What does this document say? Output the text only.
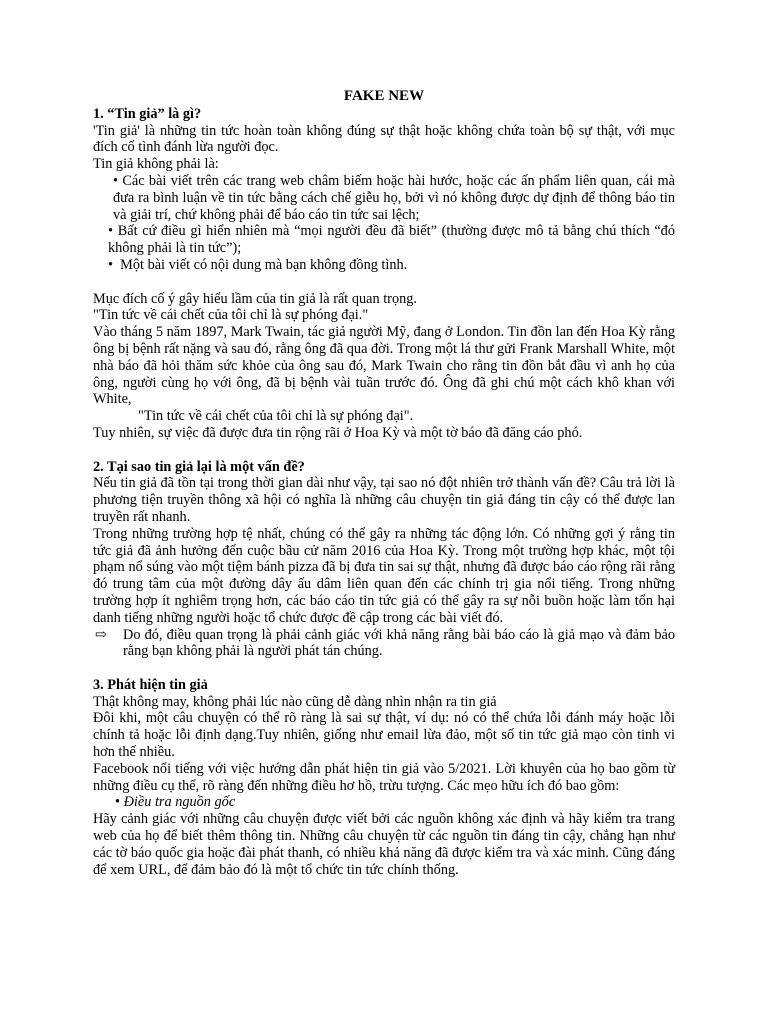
FAKE NEW
1. “Tin giả” là gì?

'Tin giả' là những tin tức hoàn toàn không đúng sự thật hoặc không chứa toàn bộ sự thật, với mục đích cố tình đánh lừa người đọc.

Tin giả không phải là:

• Các bài viết trên các trang web châm biếm hoặc hài hước, hoặc các ấn phẩm liên quan, cái mà đưa ra bình luận về tin tức bằng cách chế giễu họ, bởi vì nó không được dự định để thông báo tin và giải trí, chứ không phải để báo cáo tin tức sai lệch;

• Bất cứ điều gì hiển nhiên mà “mọi người đều đã biết” (thường được mô tả bằng chú thích “đó không phải là tin tức”);

•  Một bài viết có nội dung mà bạn không đồng tình.

Mục đích cố ý gây hiểu lầm của tin giả là rất quan trọng.

"Tin tức về cái chết của tôi chỉ là sự phóng đại."

Vào tháng 5 năm 1897, Mark Twain, tác giả người Mỹ, đang ở London. Tin đồn lan đến Hoa Kỳ rằng ông bị bệnh rất nặng và sau đó, rằng ông đã qua đời. Trong một lá thư gửi Frank Marshall White, một nhà báo đã hỏi thăm sức khỏe của ông sau đó, Mark Twain cho rằng tin đồn bắt đầu vì anh họ của ông, người cùng họ với ông, đã bị bệnh vài tuần trước đó. Ông đã ghi chú một cách khô khan với White,

"Tin tức về cái chết của tôi chỉ là sự phóng đại".

Tuy nhiên, sự việc đã được đưa tin rộng rãi ở Hoa Kỳ và một tờ báo đã đăng cáo phó.

2. Tại sao tin giả lại là một vấn đề?

Nếu tin giả đã tồn tại trong thời gian dài như vậy, tại sao nó đột nhiên trở thành vấn đề? Câu trả lời là phương tiện truyền thông xã hội có nghĩa là những câu chuyện tin giả đáng tin cậy có thể được lan truyền rất nhanh.

Trong những trường hợp tệ nhất, chúng có thể gây ra những tác động lớn. Có những gợi ý rằng tin tức giả đã ảnh hưởng đến cuộc bầu cử năm 2016 của Hoa Kỳ. Trong một trường hợp khác, một tội phạm nổ súng vào một tiệm bánh pizza đã bị đưa tin sai sự thật, nhưng đã được báo cáo rộng rãi rằng đó trung tâm của một đường dây ấu dâm liên quan đến các chính trị gia nổi tiếng. Trong những trường hợp ít nghiêm trọng hơn, các báo cáo tin tức giả có thể gây ra sự nỗi buồn hoặc làm tổn hại danh tiếng những người hoặc tổ chức được đề cập trong các bài viết đó.

⇨	Do đó, điều quan trọng là phải cảnh giác với khả năng rằng bài báo cáo là giả mạo và đảm bảo rằng bạn không phải là người phát tán chúng.
3. Phát hiện tin giả

Thật không may, không phải lúc nào cũng dễ dàng nhìn nhận ra tin giả

Đôi khi, một câu chuyện có thể rõ ràng là sai sự thật, ví dụ: nó có thể chứa lỗi đánh máy hoặc lỗi chính tả hoặc lỗi định dạng.Tuy nhiên, giống như email lừa đảo, một số tin tức giả mạo còn tinh vi hơn thế nhiều.

Facebook nổi tiếng với việc hướng dẫn phát hiện tin giả vào 5/2021. Lời khuyên của họ bao gồm từ những điều cụ thể, rõ ràng đến những điều hơ hồ, trừu tượng. Các mẹo hữu ích đó bao gồm:

• Điều tra nguồn gốc

Hãy cảnh giác với những câu chuyện được viết bởi các nguồn không xác định và hãy kiểm tra trang web của họ để biết thêm thông tin. Những câu chuyện từ các nguồn tin đáng tin cậy, chẳng hạn như các tờ báo quốc gia hoặc đài phát thanh, có nhiều khả năng đã được kiểm tra và xác minh. Cũng đáng để xem URL, để đảm bảo đó là một tổ chức tin tức chính thống.
